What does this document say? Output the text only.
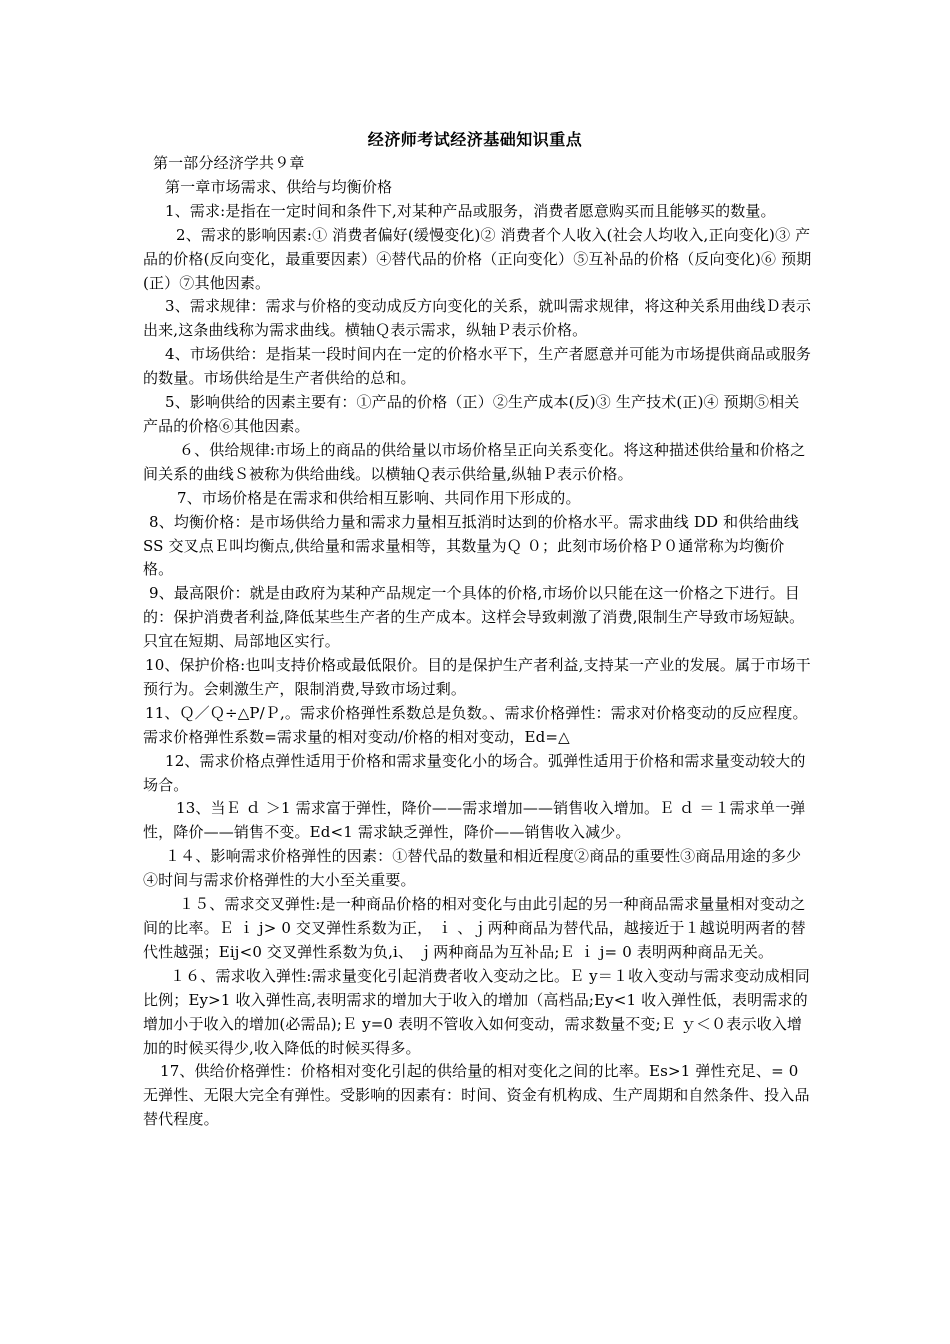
经济师考试经济基础知识重点

第一部分经济学共９章

第一章市场需求、供给与均衡价格

1、需求:是指在一定时间和条件下,对某种产品或服务，消费者愿意购买而且能够买的数量。

2、需求的影响因素:① 消费者偏好(缓慢变化)② 消费者个人收入(社会人均收入,正向变化)③ 产品的价格(反向变化，最重要因素）④替代品的价格（正向变化）⑤互补品的价格（反向变化)⑥ 预期(正）⑦其他因素。

3、需求规律：需求与价格的变动成反方向变化的关系，就叫需求规律，将这种关系用曲线Ｄ表示出来,这条曲线称为需求曲线。横轴Ｑ表示需求，纵轴Ｐ表示价格。

4、市场供给：是指某一段时间内在一定的价格水平下，生产者愿意并可能为市场提供商品或服务的数量。市场供给是生产者供给的总和。

5、影响供给的因素主要有：①产品的价格（正）②生产成本(反)③ 生产技术(正)④ 预期⑤相关产品的价格⑥其他因素。

６、供给规律:市场上的商品的供给量以市场价格呈正向关系变化。将这种描述供给量和价格之间关系的曲线Ｓ被称为供给曲线。以横轴Ｑ表示供给量,纵轴Ｐ表示价格。

7、市场价格是在需求和供给相互影响、共同作用下形成的。

8、均衡价格：是市场供给力量和需求力量相互抵消时达到的价格水平。需求曲线 DD 和供给曲线 SS 交叉点Ｅ叫均衡点,供给量和需求量相等，其数量为Ｑ ０；此刻市场价格Ｐ０通常称为均衡价格。

9、最高限价：就是由政府为某种产品规定一个具体的价格,市场价以只能在这一价格之下进行。目的：保护消费者利益,降低某些生产者的生产成本。这样会导致刺激了消费,限制生产导致市场短缺。只宜在短期、局部地区实行。

10、保护价格:也叫支持价格或最低限价。目的是保护生产者利益,支持某一产业的发展。属于市场干预行为。会刺激生产，限制消费,导致市场过剩。

11、Ｑ／Ｑ÷△P/Ｐ,。需求价格弹性系数总是负数。、需求价格弹性：需求对价格变动的反应程度。需求价格弹性系数=需求量的相对变动/价格的相对变动，Ed=△

12、需求价格点弹性适用于价格和需求量变化小的场合。弧弹性适用于价格和需求量变动较大的场合。

13、当Ｅ ｄ ＞1 需求富于弹性，降价——需求增加——销售收入增加。Ｅ ｄ ＝１需求单一弹性，降价——销售不变。Ed<1 需求缺乏弹性，降价——销售收入减少。

１４、影响需求价格弹性的因素：①替代品的数量和相近程度②商品的重要性③商品用途的多少④时间与需求价格弹性的大小至关重要。

１５、需求交叉弹性:是一种商品价格的相对变化与由此引起的另一种商品需求量量相对变动之间的比率。Ｅ ｉ j> 0 交叉弹性系数为正， ｉ 、ｊ两种商品为替代品，越接近于１越说明两者的替代性越强；Eij<0 交叉弹性系数为负,i、 ｊ两种商品为互补品;Ｅ ｉ j= 0 表明两种商品无关。

１６、需求收入弹性:需求量变化引起消费者收入变动之比。Ｅ y＝１收入变动与需求变动成相同比例；Ey>1 收入弹性高,表明需求的增加大于收入的增加（高档品;Ey<1 收入弹性低，表明需求的增加小于收入的增加(必需品);Ｅ y=0 表明不管收入如何变动，需求数量不变;Ｅ ｙ＜０表示收入增加的时候买得少,收入降低的时候买得多。

17、供给价格弹性：价格相对变化引起的供给量的相对变化之间的比率。Es>1 弹性充足、= 0 无弹性、无限大完全有弹性。受影响的因素有：时间、资金有机构成、生产周期和自然条件、投入品替代程度。
